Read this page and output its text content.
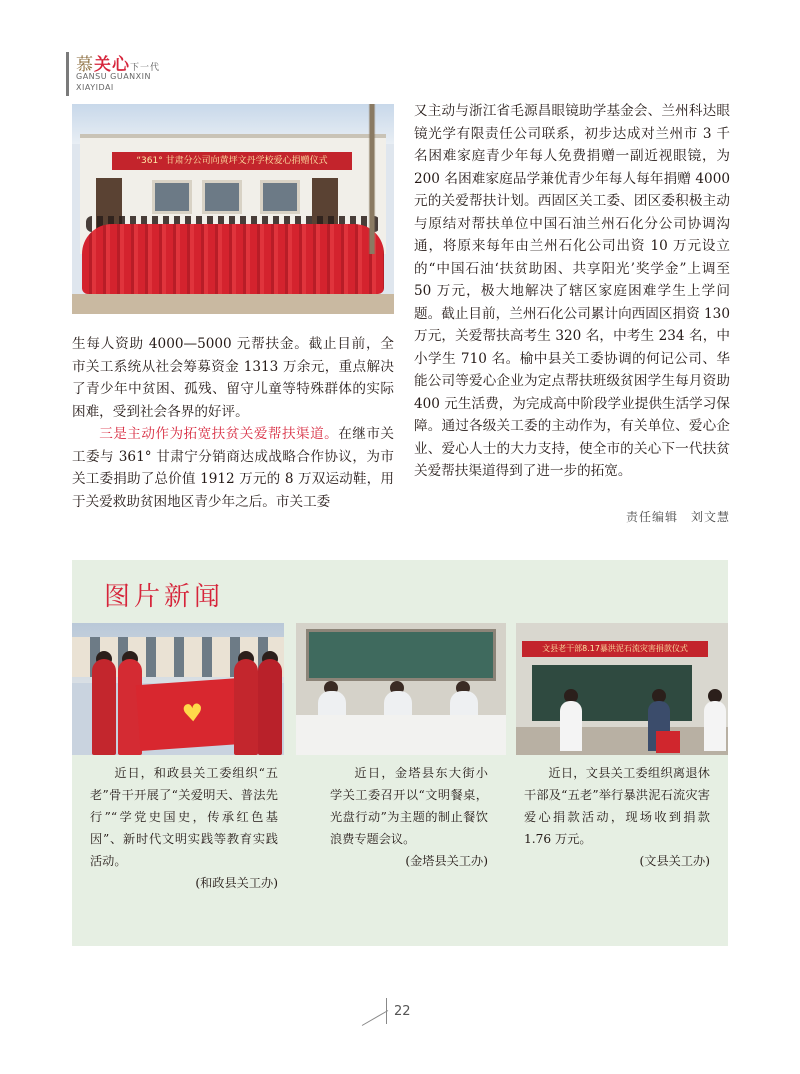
慕关心下一代
GANSU GUANXIN
XIAYIDAI
“361° 甘肃分公司向黄坪文丹学校爱心捐赠仪式

生每人资助 4000—5000 元帮扶金。截止目前，全市关工系统从社会筹募资金 1313 万余元，重点解决了青少年中贫困、孤残、留守儿童等特殊群体的实际困难，受到社会各界的好评。

三是主动作为拓宽扶贫关爱帮扶渠道。在继市关工委与 361° 甘肃宁分销商达成战略合作协议，为市关工委捐助了总价值 1912 万元的 8 万双运动鞋，用于关爱救助贫困地区青少年之后。市关工委

又主动与浙江省毛源昌眼镜助学基金会、兰州科达眼镜光学有限责任公司联系，初步达成对兰州市 3 千名困难家庭青少年每人免费捐赠一副近视眼镜，为 200 名困难家庭品学兼优青少年每人每年捐赠 4000 元的关爱帮扶计划。西固区关工委、团区委积极主动与原结对帮扶单位中国石油兰州石化分公司协调沟通，将原来每年由兰州石化公司出资 10 万元设立的“中国石油‘扶贫助困、共享阳光’奖学金”上调至 50 万元，极大地解决了辖区家庭困难学生上学问题。截止目前，兰州石化公司累计向西固区捐资 130 万元，关爱帮扶高考生 320 名，中考生 234 名，中小学生 710 名。榆中县关工委协调的何记公司、华能公司等爱心企业为定点帮扶班级贫困学生每月资助 400 元生活费，为完成高中阶段学业提供生活学习保障。通过各级关工委的主动作为，有关单位、爱心企业、爱心人士的大力支持，使全市的关心下一代扶贫关爱帮扶渠道得到了进一步的拓宽。

责任编辑　刘文慧
图片新闻
♥
文县老干部8.17暴洪泥石流灾害捐款仪式
近日，和政县关工委组织“五老”骨干开展了“关爱明天、普法先行”“学党史国史，传承红色基因”、新时代文明实践等教育实践活动。
(和政县关工办)
近日，金塔县东大街小学关工委召开以“文明餐桌，光盘行动”为主题的制止餐饮浪费专题会议。
(金塔县关工办)
近日，文县关工委组织离退休干部及“五老”举行暴洪泥石流灾害爱心捐款活动，现场收到捐款 1.76 万元。
(文县关工办)
22
